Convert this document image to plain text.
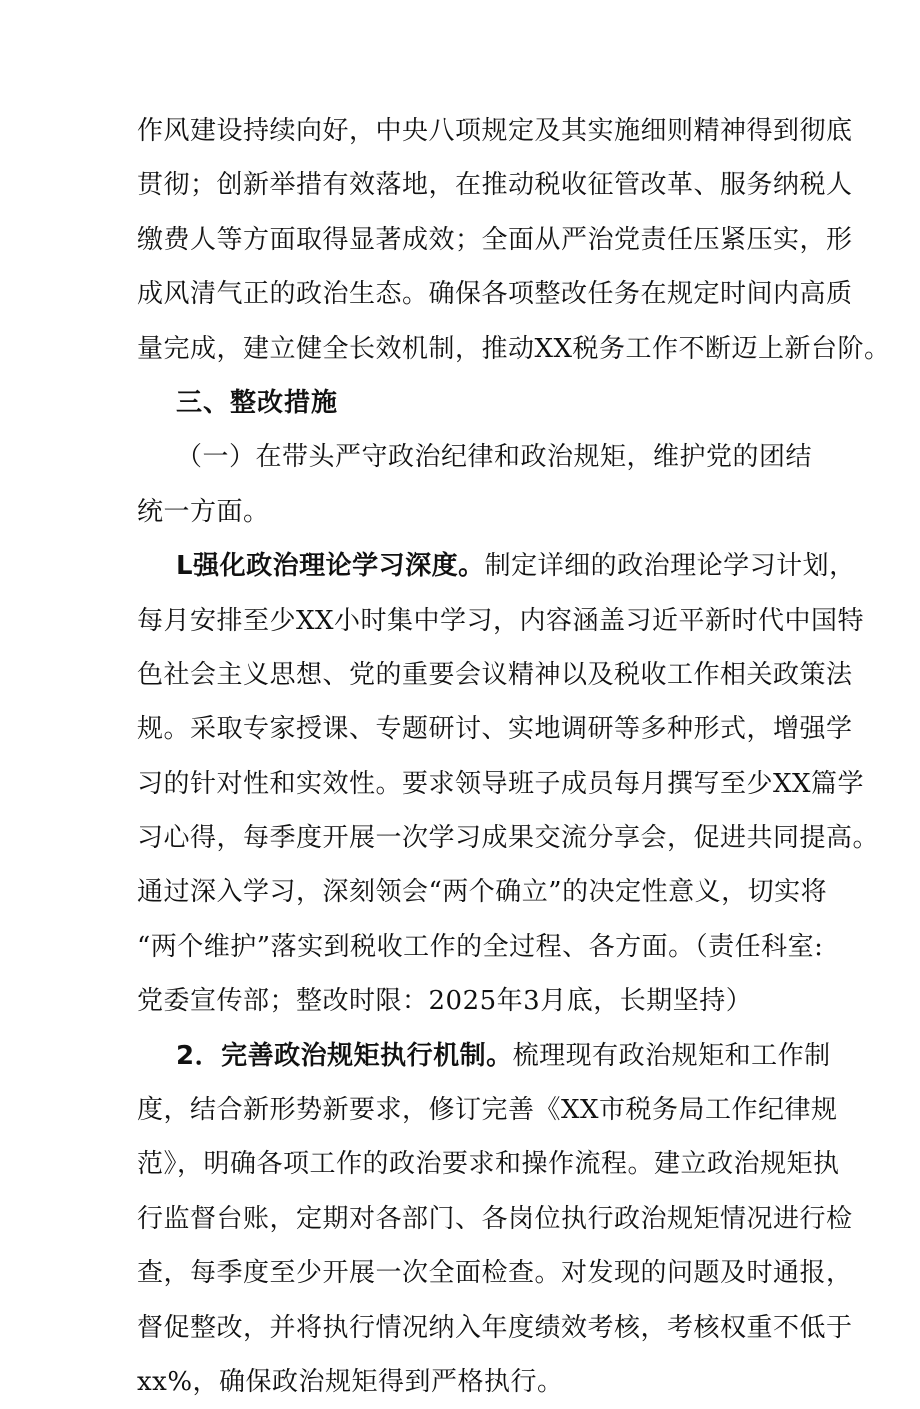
作风建设持续向好，中央八项规定及其实施细则精神得到彻底
贯彻；创新举措有效落地，在推动税收征管改革、服务纳税人
缴费人等方面取得显著成效；全面从严治党责任压紧压实，形
成风清气正的政治生态。确保各项整改任务在规定时间内高质
量完成，建立健全长效机制，推动XX税务工作不断迈上新台阶。
三、整改措施
（一）在带头严守政治纪律和政治规矩，维护党的团结
统一方面。
L强化政治理论学习深度。制定详细的政治理论学习计划，
每月安排至少XX小时集中学习，内容涵盖习近平新时代中国特
色社会主义思想、党的重要会议精神以及税收工作相关政策法
规。采取专家授课、专题研讨、实地调研等多种形式，增强学
习的针对性和实效性。要求领导班子成员每月撰写至少XX篇学
习心得，每季度开展一次学习成果交流分享会，促进共同提高。
通过深入学习，深刻领会“两个确立”的决定性意义，切实将
“两个维护”落实到税收工作的全过程、各方面。（责任科室:
党委宣传部；整改时限：2025年3月底，长期坚持）
2．完善政治规矩执行机制。梳理现有政治规矩和工作制
度，结合新形势新要求，修订完善《XX市税务局工作纪律规
范》，明确各项工作的政治要求和操作流程。建立政治规矩执
行监督台账，定期对各部门、各岗位执行政治规矩情况进行检
查，每季度至少开展一次全面检查。对发现的问题及时通报，
督促整改，并将执行情况纳入年度绩效考核，考核权重不低于
xx%，确保政治规矩得到严格执行。
